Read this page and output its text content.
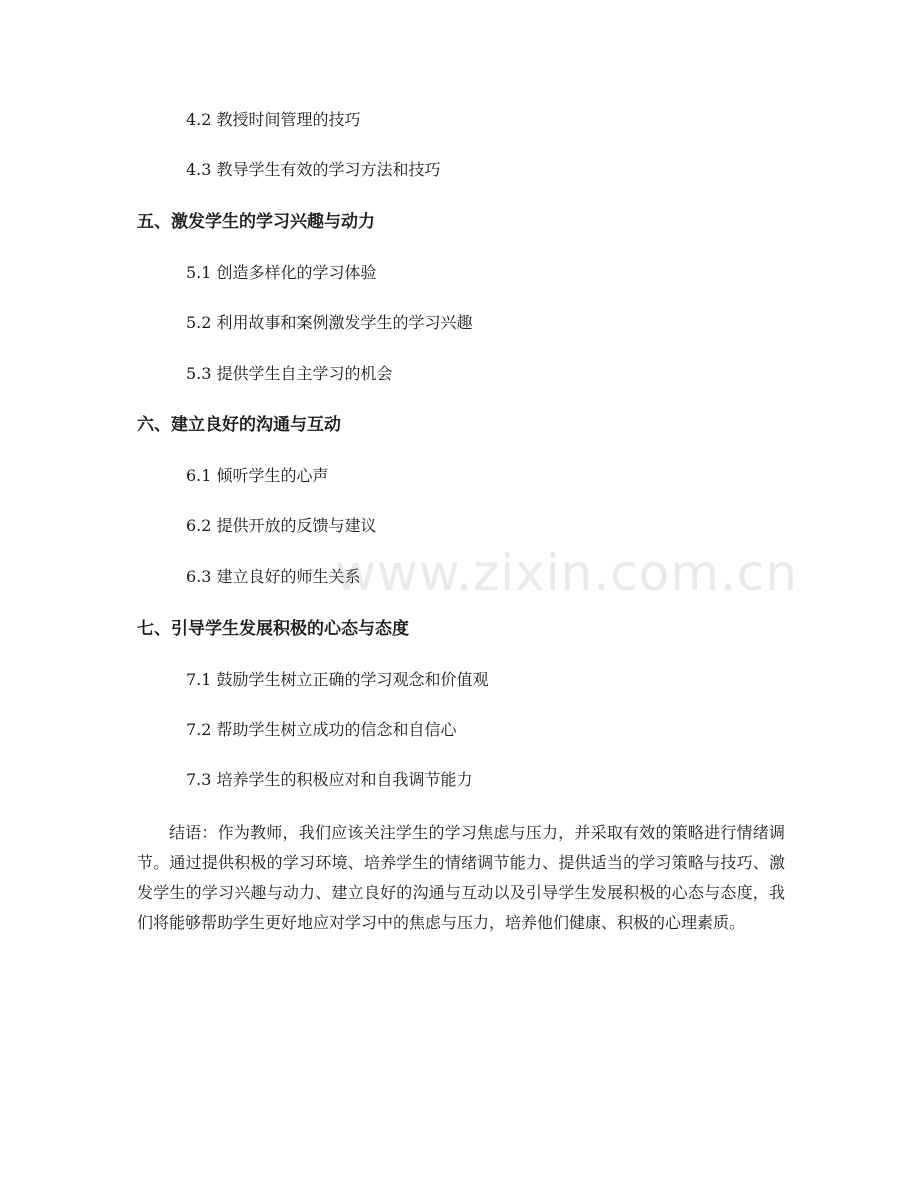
4.2 教授时间管理的技巧
4.3 教导学生有效的学习方法和技巧
五、激发学生的学习兴趣与动力
5.1 创造多样化的学习体验
5.2 利用故事和案例激发学生的学习兴趣
5.3 提供学生自主学习的机会
六、建立良好的沟通与互动
6.1 倾听学生的心声
6.2 提供开放的反馈与建议
6.3 建立良好的师生关系
七、引导学生发展积极的心态与态度
7.1 鼓励学生树立正确的学习观念和价值观
7.2 帮助学生树立成功的信念和自信心
7.3 培养学生的积极应对和自我调节能力
结语：作为教师，我们应该关注学生的学习焦虑与压力，并采取有效的策略进行情绪调节。通过提供积极的学习环境、培养学生的情绪调节能力、提供适当的学习策略与技巧、激发学生的学习兴趣与动力、建立良好的沟通与互动以及引导学生发展积极的心态与态度，我们将能够帮助学生更好地应对学习中的焦虑与压力，培养他们健康、积极的心理素质。
www.zixin.com.cn
